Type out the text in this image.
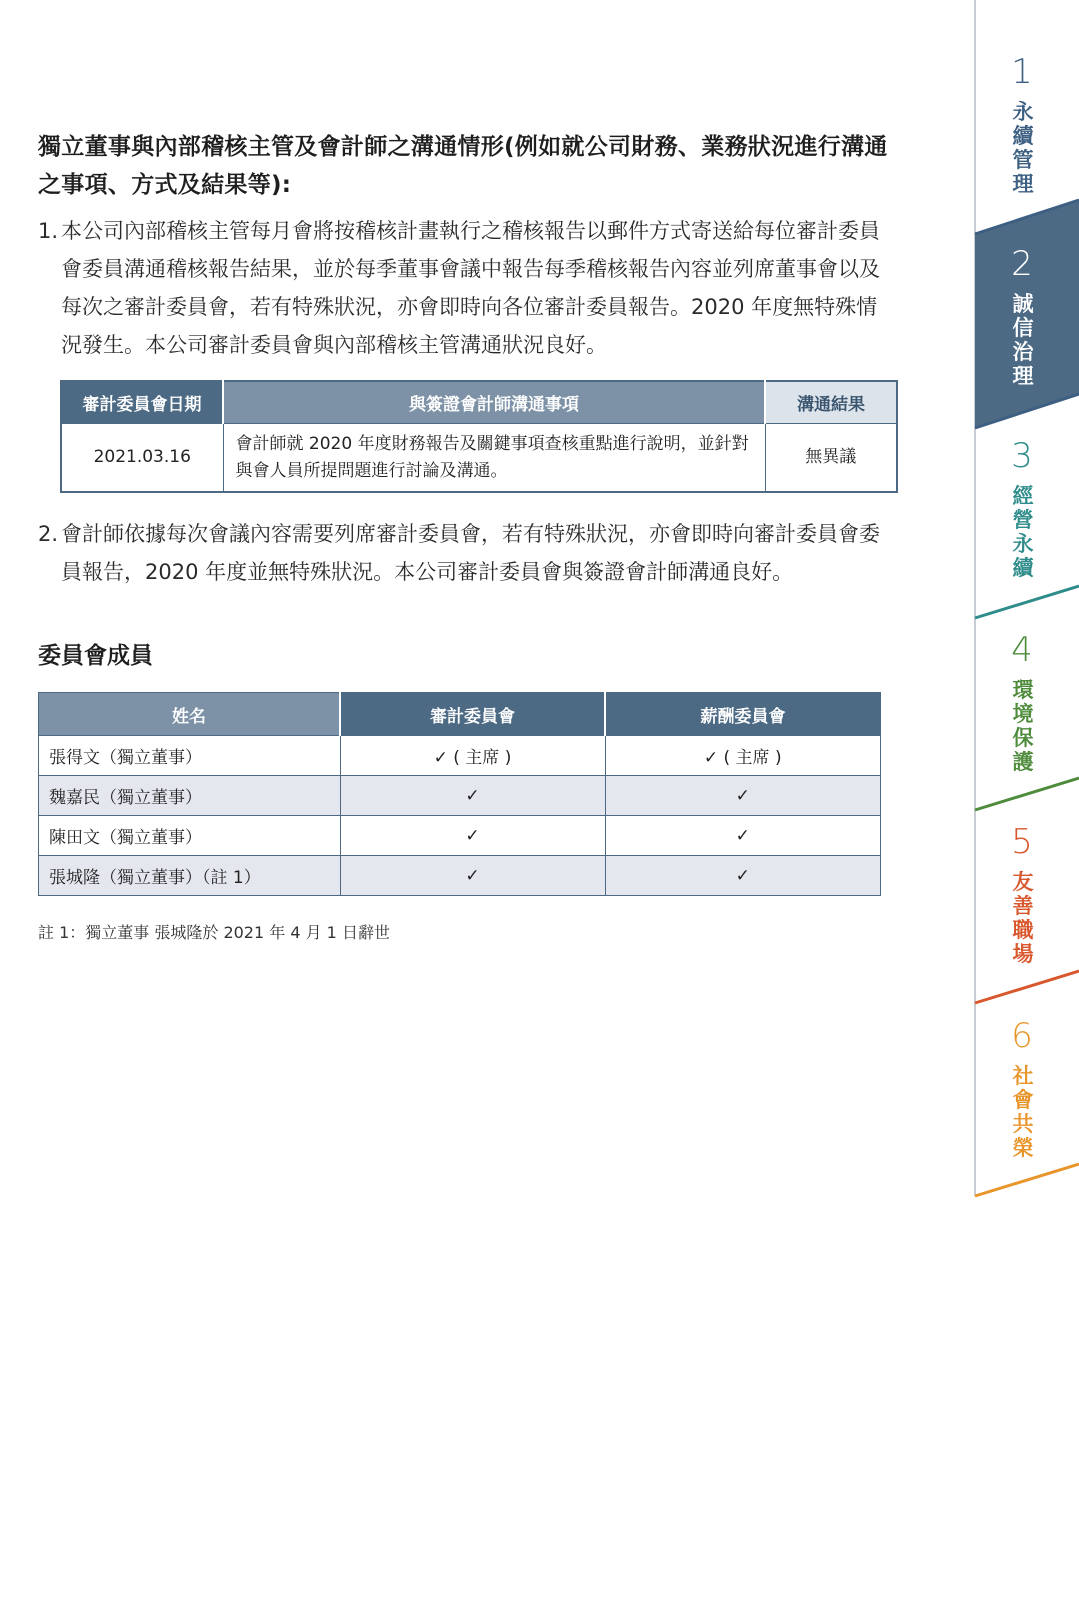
獨立董事與內部稽核主管及會計師之溝通情形(例如就公司財務、業務狀況進行溝通之事項、方式及結果等):

1. 本公司內部稽核主管每月會將按稽核計畫執行之稽核報告以郵件方式寄送給每位審計委員會委員溝通稽核報告結果，並於每季董事會議中報告每季稽核報告內容並列席董事會以及每次之審計委員會，若有特殊狀況，亦會即時向各位審計委員報告。2020 年度無特殊情況發生。本公司審計委員會與內部稽核主管溝通狀況良好。

審計委員會日期	與簽證會計師溝通事項	溝通結果
2021.03.16	會計師就 2020 年度財務報告及關鍵事項查核重點進行說明，並針對與會人員所提問題進行討論及溝通。	無異議

2. 會計師依據每次會議內容需要列席審計委員會，若有特殊狀況，亦會即時向審計委員會委員報告，2020 年度並無特殊狀況。本公司審計委員會與簽證會計師溝通良好。

委員會成員
姓名	審計委員會	薪酬委員會
張得文（獨立董事）	✓ ( 主席 )	✓ ( 主席 )
魏嘉民（獨立董事）	✓	✓
陳田文（獨立董事）	✓	✓
張城隆（獨立董事）（註 1）	✓	✓
註 1：獨立董事 張城隆於 2021 年 4 月 1 日辭世
1
永
續
管
理
2
誠
信
治
理
3
經
營
永
續
4
環
境
保
護
5
友
善
職
場
6
社
會
共
榮
